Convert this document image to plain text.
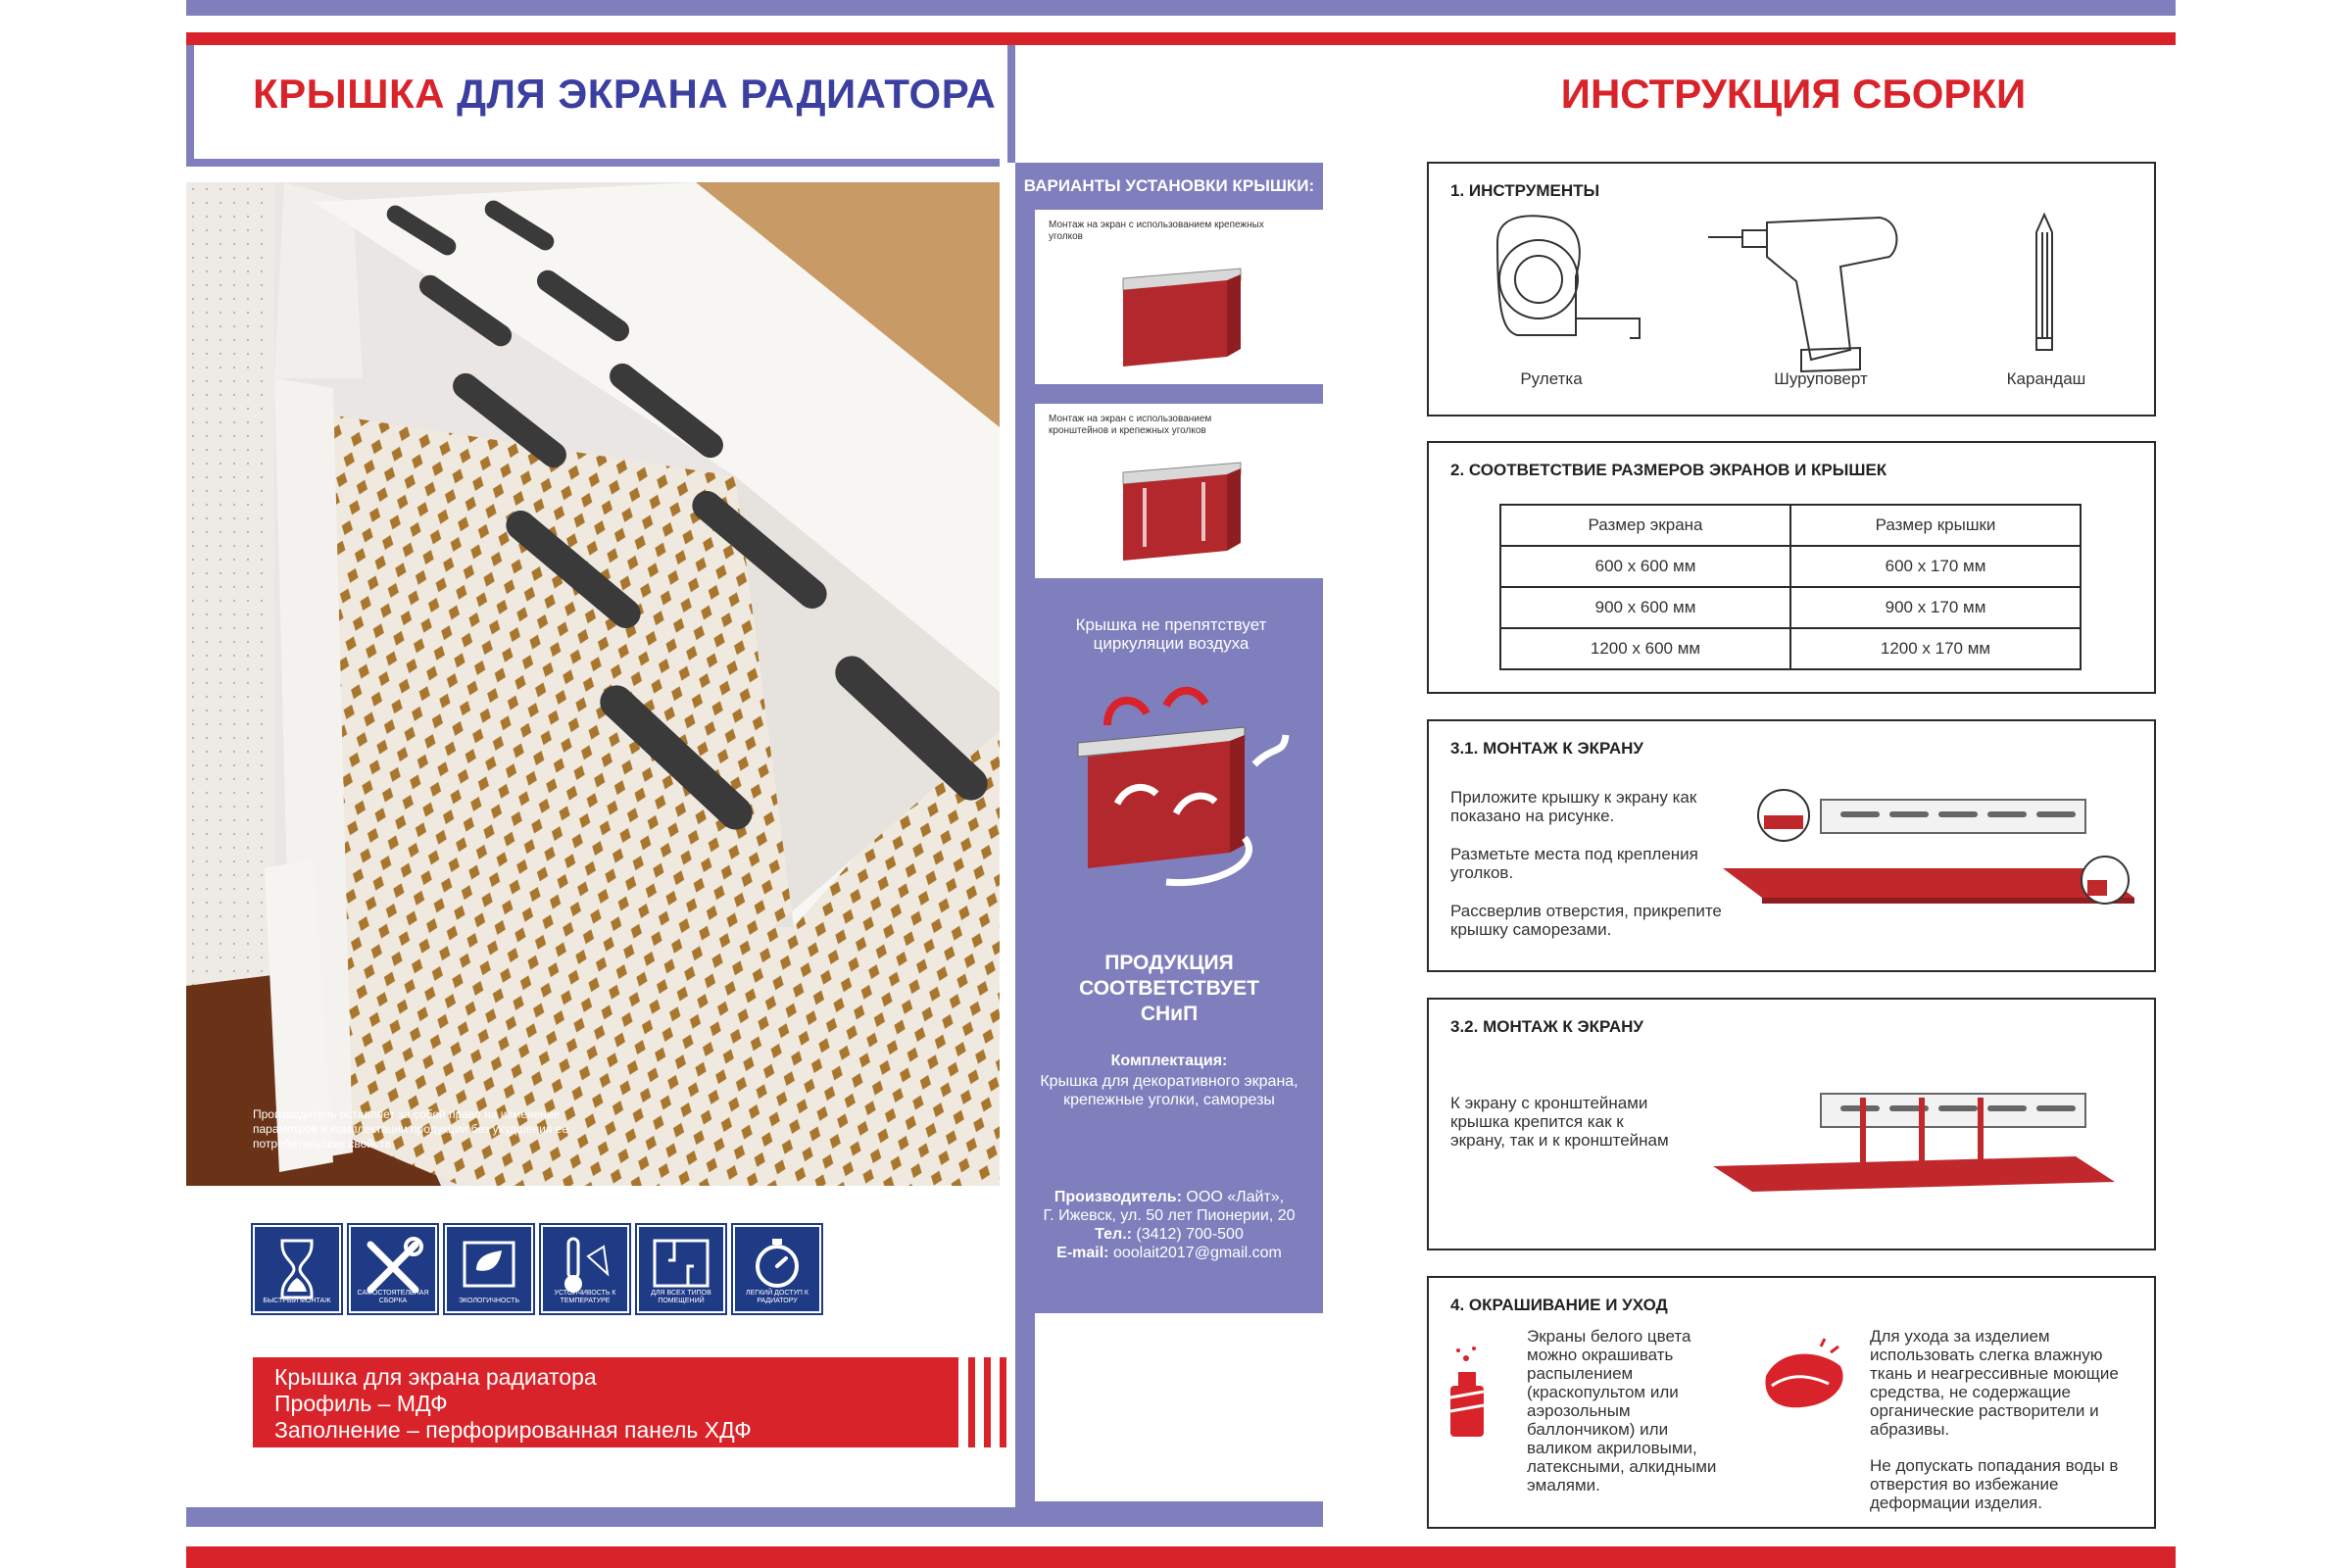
КРЫШКА ДЛЯ ЭКРАНА РАДИАТОРА
Производитель оставляет за собой право на изменение параметров и комплектации продукции без ухудшения ее потребительских свойств
БЫСТРЫЙ МОНТАЖ
САМОСТОЯТЕЛЬНАЯ СБОРКА
СНиП
ЭКОЛОГИЧНОСТЬ
УСТОЙЧИВОСТЬ К ТЕМПЕРАТУРЕ
ДЛЯ ВСЕХ ТИПОВ ПОМЕЩЕНИЙ
ЛЕГКИЙ ДОСТУП К РАДИАТОРУ
Крышка для экрана радиатора
Профиль – МДФ
Заполнение – перфорированная панель ХДФ
ВАРИАНТЫ УСТАНОВКИ КРЫШКИ:
Монтаж на экран с использованием крепежных уголков
Монтаж на экран с использованием кронштейнов и крепежных уголков
Крышка не препятствует циркуляции воздуха
ПРОДУКЦИЯ СООТВЕТСТВУЕТ СНиП
Комплектация:
Крышка для декоративного экрана, крепежные уголки, саморезы
Производитель: ООО «Лайт»,
Г. Ижевск, ул. 50 лет Пионерии, 20
Тел.: (3412) 700-500
E-mail: ooolait2017@gmail.com
ИНСТРУКЦИЯ СБОРКИ
1. ИНСТРУМЕНТЫ
Рулетка	Шуруповерт	Карандаш
2. СООТВЕТСТВИЕ РАЗМЕРОВ ЭКРАНОВ И КРЫШЕК
Размер экрана	Размер крышки
600 х 600 мм	600 х 170 мм
900 х 600 мм	900 х 170 мм
1200 х 600 мм	1200 х 170 мм
3.1. МОНТАЖ К ЭКРАНУ
Приложите крышку к экрану как показано на рисунке.
Разметьте места под крепления уголков.
Рассверлив отверстия, прикрепите крышку саморезами.
3.2. МОНТАЖ К ЭКРАНУ
К экрану с кронштейнами крышка крепится как к экрану, так и к кронштейнам
4. ОКРАШИВАНИЕ И УХОД
Экраны белого цвета можно окрашивать распылением (краскопультом или аэрозольным баллончиком) или валиком акриловыми, латексными, алкидными эмалями.
Для ухода за изделием использовать слегка влажную ткань и неагрессивные моющие средства, не содержащие органические растворители и абразивы.
Не допускать попадания воды в отверстия во избежание деформации изделия.
